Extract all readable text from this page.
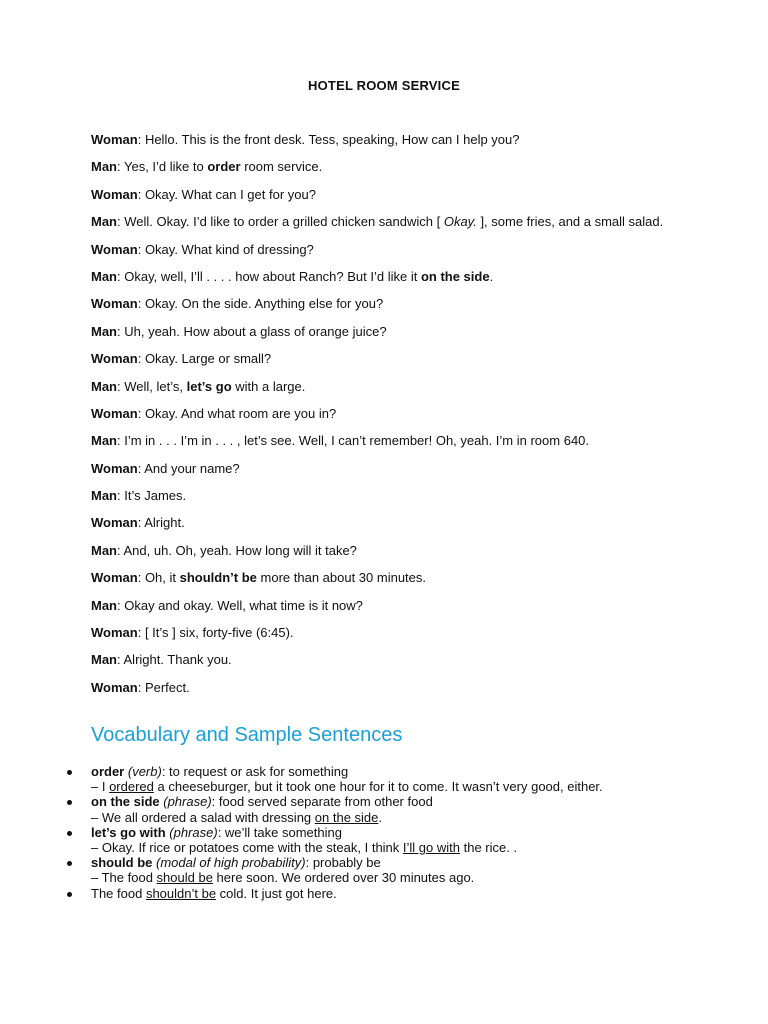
HOTEL ROOM SERVICE
Woman: Hello. This is the front desk. Tess, speaking, How can I help you?
Man: Yes, I’d like to order room service.
Woman: Okay. What can I get for you?
Man: Well. Okay. I’d like to order a grilled chicken sandwich [ Okay. ], some fries, and a small salad.
Woman: Okay. What kind of dressing?
Man: Okay, well, I’ll . . . . how about Ranch? But I’d like it on the side.
Woman: Okay. On the side. Anything else for you?
Man: Uh, yeah. How about a glass of orange juice?
Woman: Okay. Large or small?
Man: Well, let’s, let’s go with a large.
Woman: Okay. And what room are you in?
Man: I’m in . . . I’m in . . . , let’s see. Well, I can’t remember! Oh, yeah. I’m in room 640.
Woman: And your name?
Man: It’s James.
Woman: Alright.
Man: And, uh. Oh, yeah. How long will it take?
Woman: Oh, it shouldn’t be more than about 30 minutes.
Man: Okay and okay. Well, what time is it now?
Woman: [ It’s ] six, forty-five (6:45).
Man: Alright. Thank you.
Woman: Perfect.
Vocabulary and Sample Sentences
order (verb): to request or ask for something
– I ordered a cheeseburger, but it took one hour for it to come. It wasn’t very good, either.
on the side (phrase): food served separate from other food
– We all ordered a salad with dressing on the side.
let’s go with (phrase): we’ll take something
– Okay. If rice or potatoes come with the steak, I think I’ll go with the rice. .
should be (modal of high probability): probably be
– The food should be here soon. We ordered over 30 minutes ago.
The food shouldn’t be cold. It just got here.
